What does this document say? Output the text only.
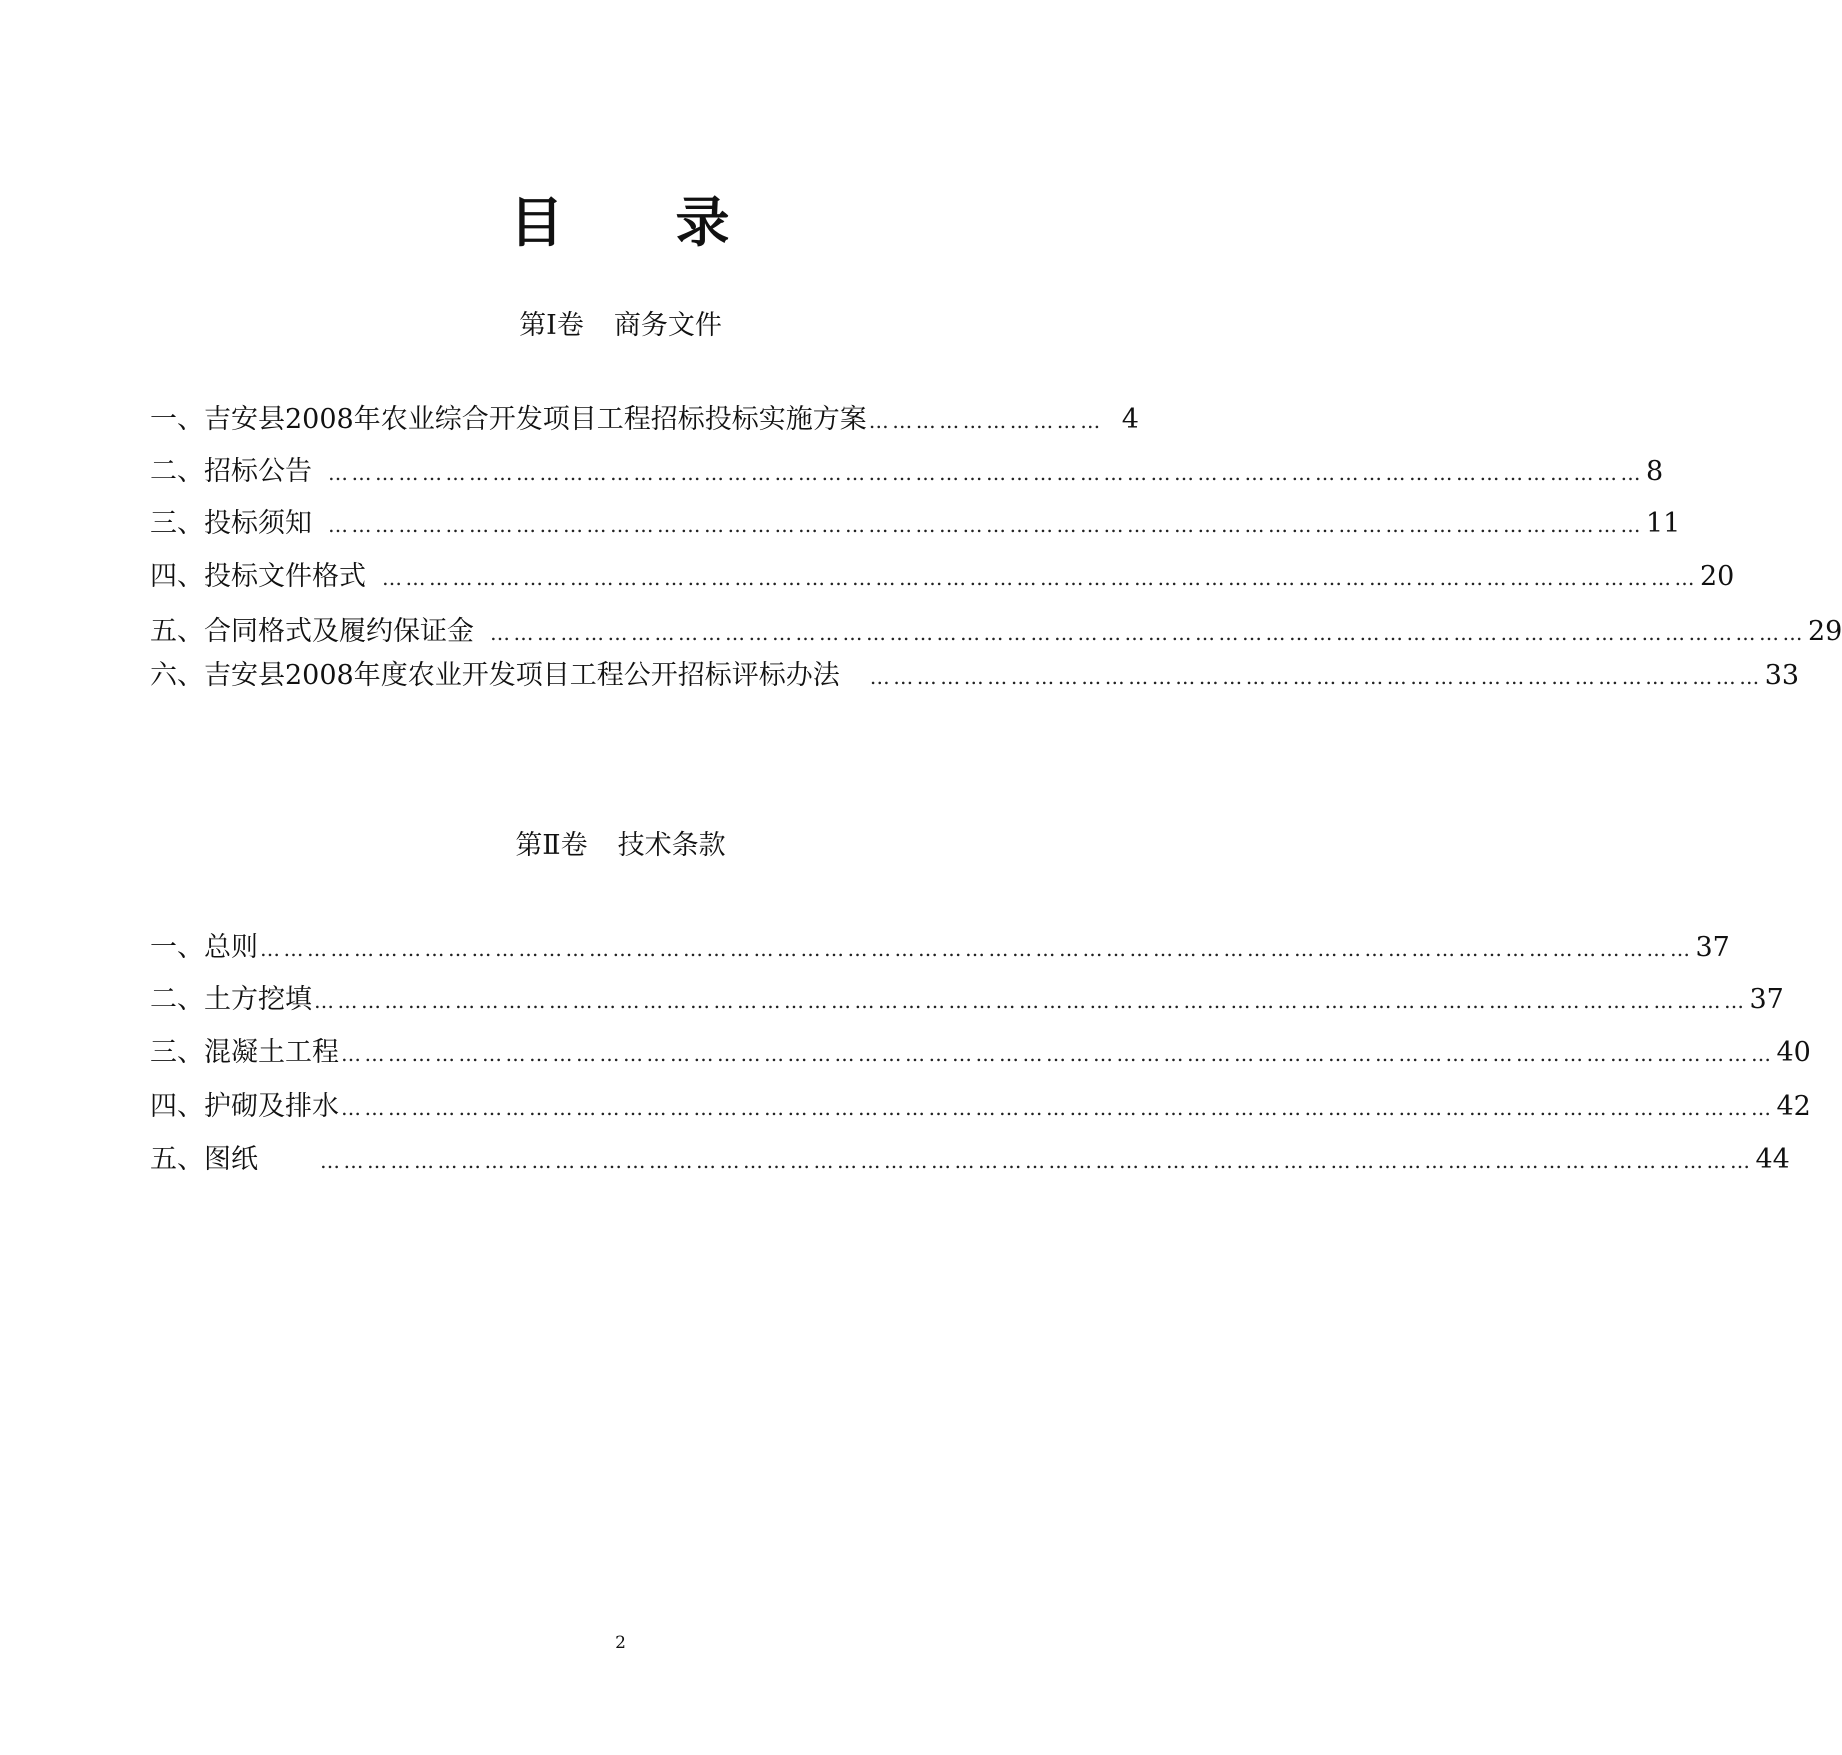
目 录
第Ⅰ卷 商务文件
一、吉安县2008年农业综合开发项目工程招标投标实施方案 ………………………… 4
二、招标公告 …………………………………………………………………………………………………………………………………………………… 8
三、投标须知 …………………………………………………………………………………………………………………………………………………… 11
四、投标文件格式 …………………………………………………………………………………………………………………………………………………… 20
五、合同格式及履约保证金 …………………………………………………………………………………………………………………………………………………… 29
六、吉安县2008年度农业开发项目工程公开招标评标办法 …………………………………………………………………………………………………… 33
第Ⅱ卷 技术条款
一、总则 ………………………………………………………………………………………………………………………………………………………………… 37
二、土方挖填 ………………………………………………………………………………………………………………………………………………………………… 37
三、混凝土工程 ………………………………………………………………………………………………………………………………………………………………… 40
四、护砌及排水 ………………………………………………………………………………………………………………………………………………………………… 42
五、图纸	………………………………………………………………………………………………………………………………………………………………… 44
2
